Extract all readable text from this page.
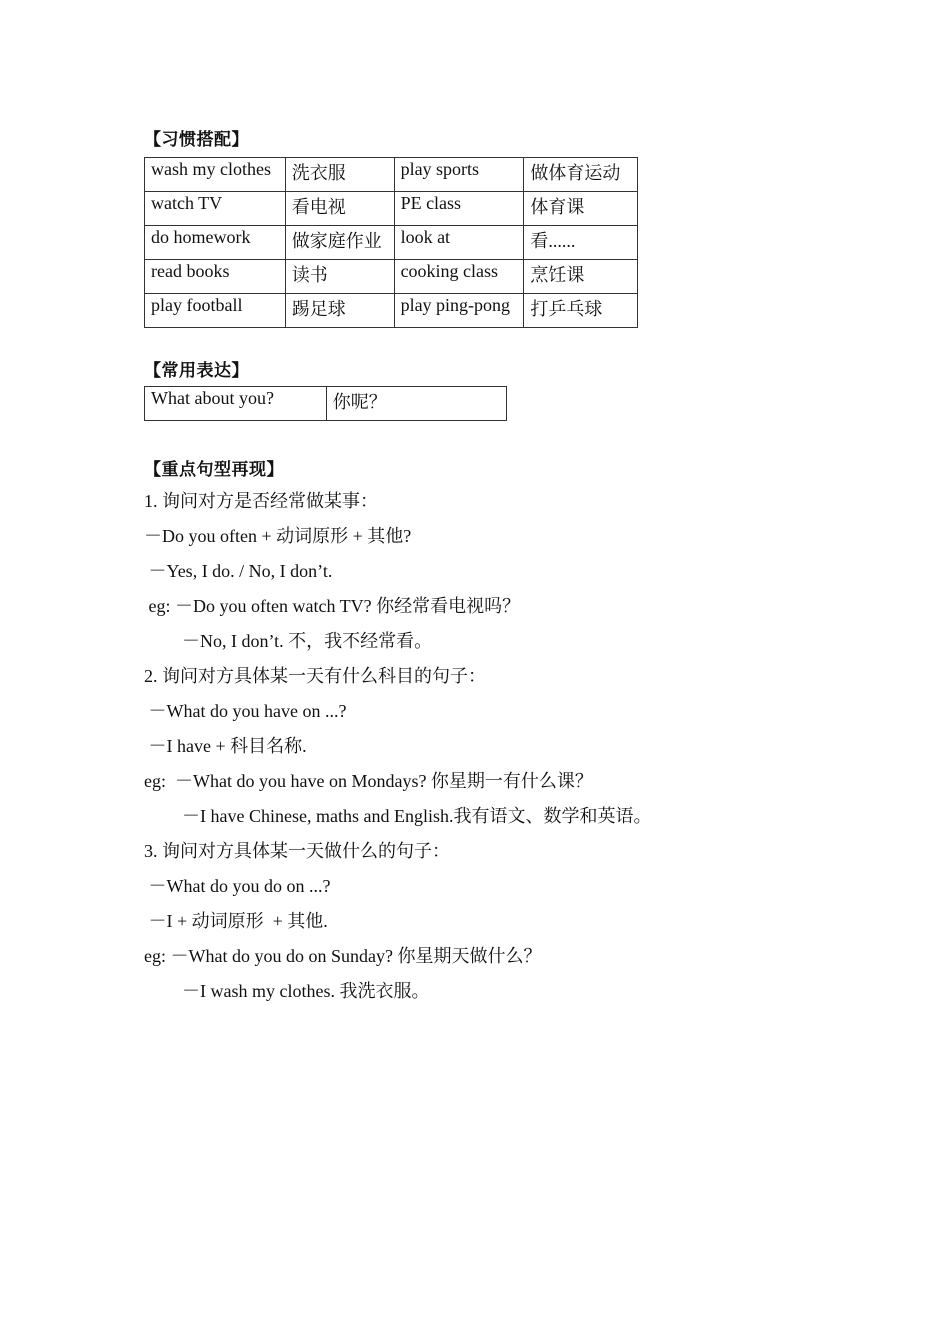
【习惯搭配】
wash my clothes	洗衣服	play sports	做体育运动
watch TV	看电视	PE class	体育课
do homework	做家庭作业	look at	看......
read books	读书	cooking class	烹饪课
play football	踢足球	play ping-pong	打乒乓球
【常用表达】
What about you?	你呢？
【重点句型再现】
1. 询问对方是否经常做某事：
－Do you often + 动词原形 + 其他?
－Yes, I do. / No, I don’t.
eg: －Do you often watch TV? 你经常看电视吗？
－No, I don’t. 不，我不经常看。
2. 询问对方具体某一天有什么科目的句子：
－What do you have on ...?
－I have + 科目名称.
eg:  －What do you have on Mondays? 你星期一有什么课？
－I have Chinese, maths and English.我有语文、数学和英语。
3. 询问对方具体某一天做什么的句子：
－What do you do on ...?
－I + 动词原形  + 其他.
eg: －What do you do on Sunday? 你星期天做什么？
－I wash my clothes. 我洗衣服。
